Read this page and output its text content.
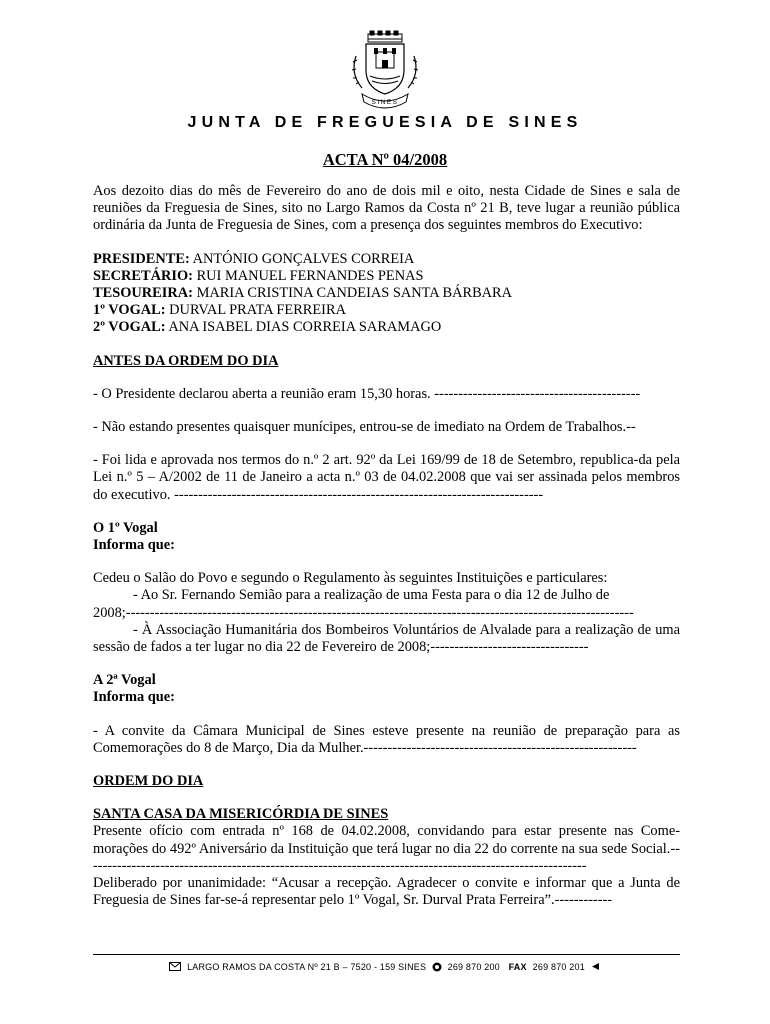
SINES
JUNTA DE FREGUESIA DE SINES
ACTA Nº 04/2008

Aos dezoito dias do mês de Fevereiro do ano de dois mil e oito, nesta Cidade de Sines e sala de reuniões da Freguesia de Sines, sito no Largo Ramos da Costa nº 21 B, teve lugar a reunião pública ordinária da Junta de Freguesia de Sines, com a presença dos seguintes membros do Executivo:

PRESIDENTE: ANTÓNIO GONÇALVES CORREIA

SECRETÁRIO: RUI MANUEL FERNANDES PENAS

TESOUREIRA: MARIA CRISTINA CANDEIAS SANTA BÁRBARA

1º VOGAL: DURVAL PRATA FERREIRA

2º VOGAL: ANA ISABEL DIAS CORREIA SARAMAGO

ANTES DA ORDEM DO DIA

- O Presidente declarou aberta a reunião eram 15,30 horas. -------------------------------------------

- Não estando presentes quaisquer munícipes, entrou-se de imediato na Ordem de Trabalhos.--

- Foi lida e aprovada nos termos do n.º 2 art. 92º da Lei 169/99 de 18 de Setembro, republica-da pela Lei n.º 5 – A/2002 de 11 de Janeiro a acta n.º 03 de 04.02.2008 que vai ser assinada pelos membros do executivo. -----------------------------------------------------------------------------

O 1º Vogal

Informa que:

Cedeu o Salão do Povo e segundo o Regulamento às seguintes Instituições e particulares:

- Ao Sr. Fernando Semião para a realização de uma Festa para o dia 12 de Julho de

2008;----------------------------------------------------------------------------------------------------------

- À Associação Humanitária dos Bombeiros Voluntários de Alvalade para a realização de uma sessão de fados a ter lugar no dia 22 de Fevereiro de 2008;---------------------------------

A 2ª Vogal

Informa que:

- A convite da Câmara Municipal de Sines esteve presente na reunião de preparação para as Comemorações do 8 de Março, Dia da Mulher.---------------------------------------------------------

ORDEM DO DIA

SANTA CASA DA MISERICÓRDIA DE SINES

Presente ofício com entrada nº 168 de 04.02.2008, convidando para estar presente nas Come-morações do 492º Aniversário da Instituição que terá lugar no dia 22 do corrente na sua sede Social.---------------------------------------------------------------------------------------------------------

Deliberado por unanimidade: “Acusar a recepção. Agradecer o convite e informar que a Junta de Freguesia de Sines far-se-á representar pelo 1º Vogal, Sr. Durval Prata Ferreira”.------------

LARGO RAMOS DA COSTA Nº 21 B – 7520 - 159 SINES 269 870 200 FAX 269 870 201
